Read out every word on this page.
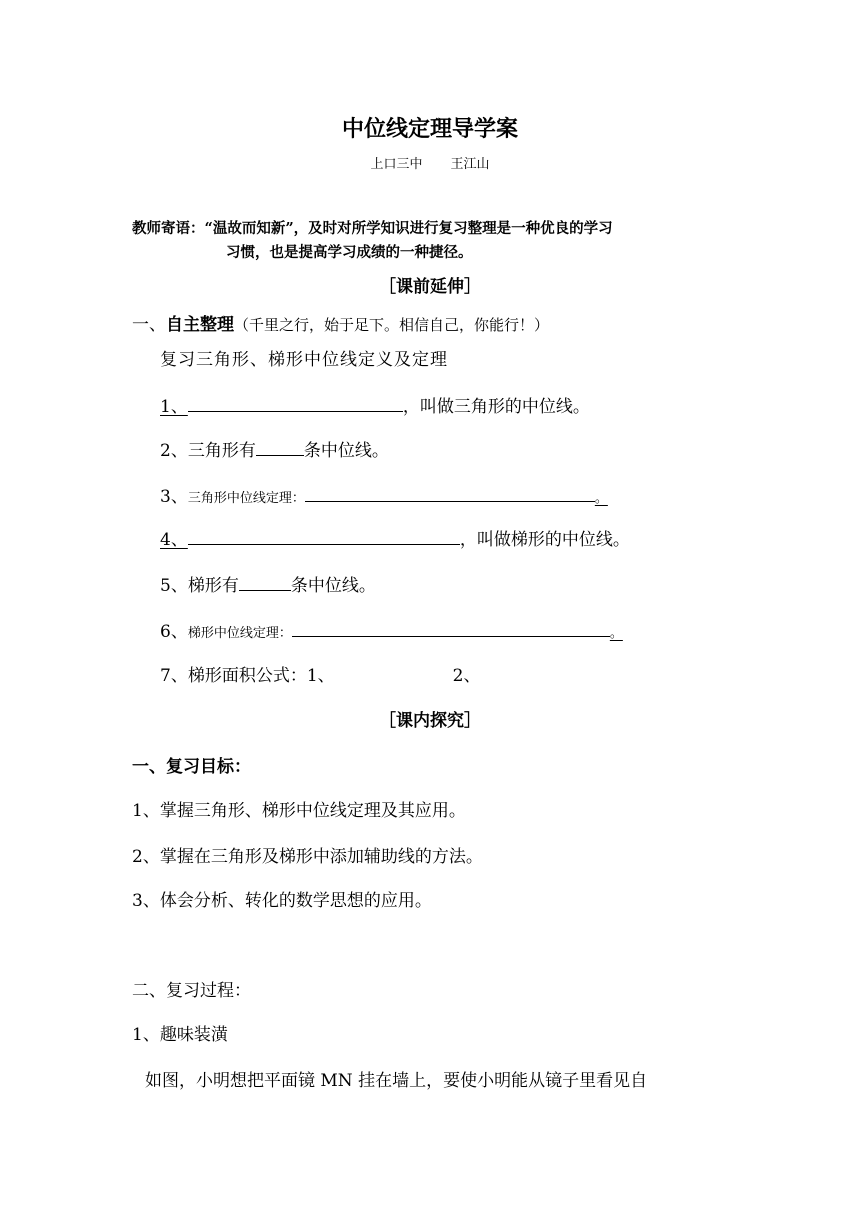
中位线定理导学案
上口三中 王江山
教师寄语：“温故而知新”，及时对所学知识进行复习整理是一种优良的学习
习惯，也是提高学习成绩的一种捷径。
［课前延伸］
一、自主整理（千里之行，始于足下。相信自己，你能行！）
复习三角形、梯形中位线定义及定理
1、	，叫做三角形的中位线。
2、三角形有	条中位线。
3、三角形中位线定理：	。
4、	，叫做梯形的中位线。
5、梯形有	条中位线。
6、梯形中位线定理：	。
7、梯形面积公式：1、	2、
［课内探究］
一、复习目标：
1、掌握三角形、梯形中位线定理及其应用。
2、掌握在三角形及梯形中添加辅助线的方法。
3、体会分析、转化的数学思想的应用。
二、复习过程：
1、趣味装潢
如图，小明想把平面镜 MN 挂在墙上，要使小明能从镜子里看见自
